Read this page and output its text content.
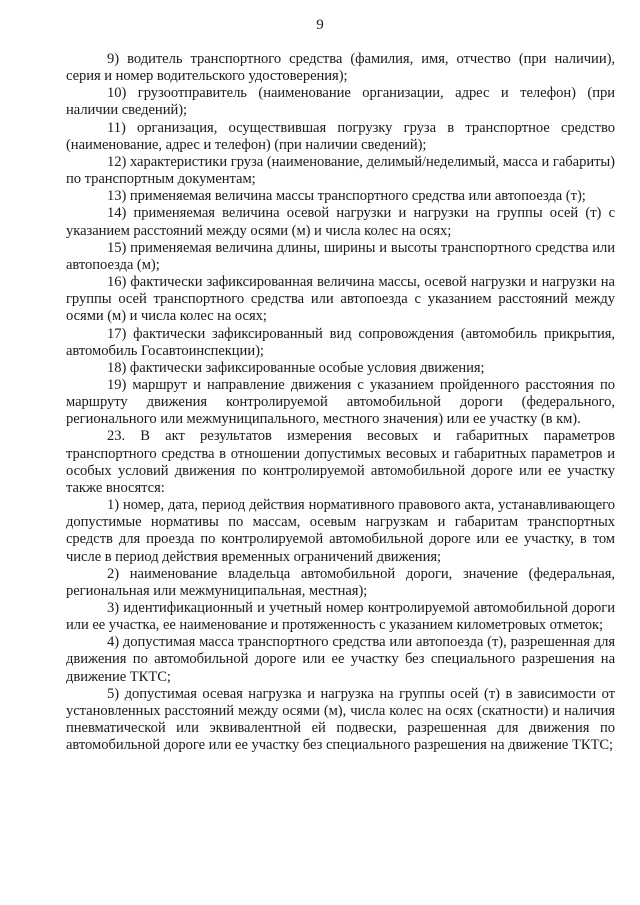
9

9) водитель транспортного средства (фамилия, имя, отчество (при наличии), серия и номер водительского удостоверения);

10) грузоотправитель (наименование организации, адрес и телефон) (при наличии сведений);

11) организация, осуществившая погрузку груза в транспортное средство (наименование, адрес и телефон) (при наличии сведений);

12) характеристики груза (наименование, делимый/неделимый, масса и габариты) по транспортным документам;

13) применяемая величина массы транспортного средства или автопоезда (т);

14) применяемая величина осевой нагрузки и нагрузки на группы осей (т) с указанием расстояний между осями (м) и числа колес на осях;

15) применяемая величина длины, ширины и высоты транспортного средства или автопоезда (м);

16) фактически зафиксированная величина массы, осевой нагрузки и нагрузки на группы осей транспортного средства или автопоезда с указанием расстояний между осями (м) и числа колес на осях;

17) фактически зафиксированный вид сопровождения (автомобиль прикрытия, автомобиль Госавтоинспекции);

18) фактически зафиксированные особые условия движения;

19) маршрут и направление движения с указанием пройденного расстояния по маршруту движения контролируемой автомобильной дороги (федерального, регионального или межмуниципального, местного значения) или ее участку (в км).

23. В акт результатов измерения весовых и габаритных параметров транспортного средства в отношении допустимых весовых и габаритных параметров и особых условий движения по контролируемой автомобильной дороге или ее участку также вносятся:

1) номер, дата, период действия нормативного правового акта, устанавливающего допустимые нормативы по массам, осевым нагрузкам и габаритам транспортных средств для проезда по контролируемой автомобильной дороге или ее участку, в том числе в период действия временных ограничений движения;

2) наименование владельца автомобильной дороги, значение (федеральная, региональная или межмуниципальная, местная);

3) идентификационный и учетный номер контролируемой автомобильной дороги или ее участка, ее наименование и протяженность с указанием километровых отметок;

4) допустимая масса транспортного средства или автопоезда (т), разрешенная для движения по автомобильной дороге или ее участку без специального разрешения на движение ТКТС;

5) допустимая осевая нагрузка и нагрузка на группы осей (т) в зависимости от установленных расстояний между осями (м), числа колес на осях (скатности) и наличия пневматической или эквивалентной ей подвески, разрешенная для движения по автомобильной дороге или ее участку без специального разрешения на движение ТКТС;
